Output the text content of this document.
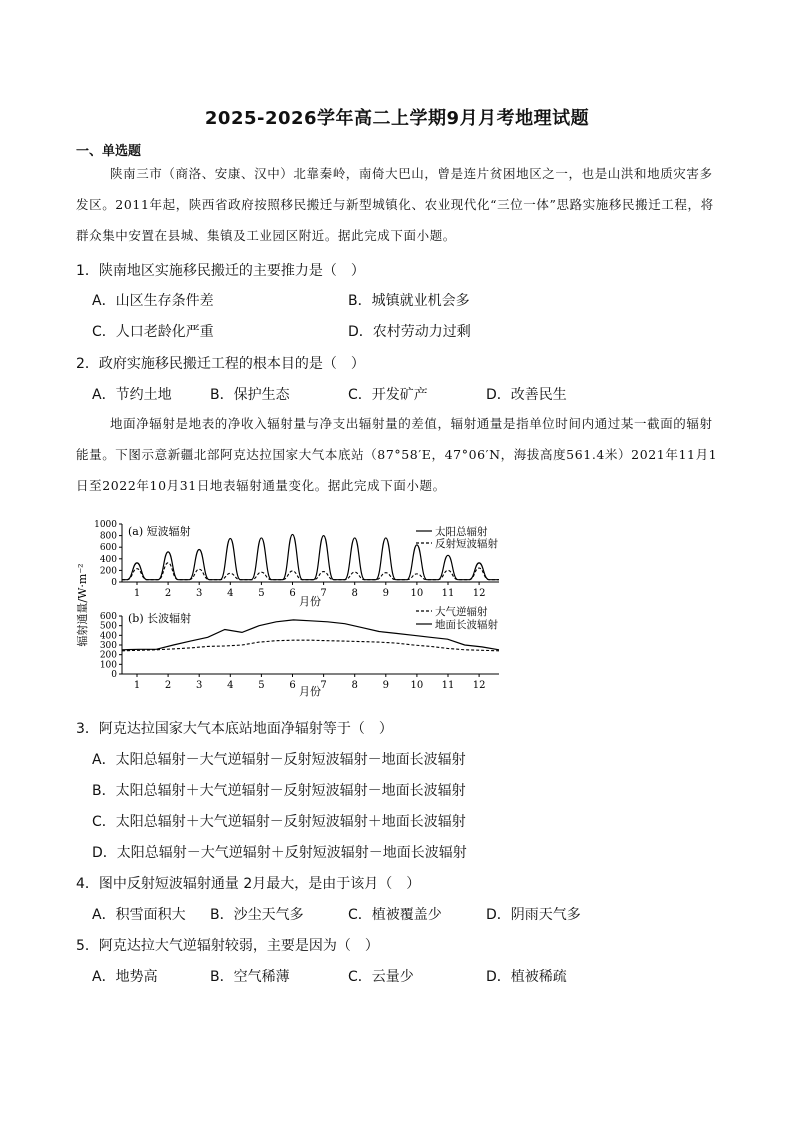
2025-2026学年高二上学期9月月考地理试题
一、单选题
陕南三市（商洛、安康、汉中）北靠秦岭，南倚大巴山，曾是连片贫困地区之一，也是山洪和地质灾害多发区。2011年起，陕西省政府按照移民搬迁与新型城镇化、农业现代化“三位一体”思路实施移民搬迁工程，将群众集中安置在县城、集镇及工业园区附近。据此完成下面小题。
1．陕南地区实施移民搬迁的主要推力是（　）
A．山区生存条件差	B．城镇就业机会多
C．人口老龄化严重	D．农村劳动力过剩
2．政府实施移民搬迁工程的根本目的是（　）
A．节约土地	B．保护生态	C．开发矿产	D．改善民生
地面净辐射是地表的净收入辐射量与净支出辐射量的差值，辐射通量是指单位时间内通过某一截面的辐射能量。下图示意新疆北部阿克达拉国家大气本底站（87°58′E，47°06′N，海拔高度561.4米）2021年11月1日至2022年10月31日地表辐射通量变化。据此完成下面小题。
辐射通量/W·m⁻² 0
200
400
600
800
1000
1 2 3 4 5 6 7 8 9 10 11 12
(a) 短波辐射
月份
太阳总辐射
反射短波辐射
0
100
200
300
400
500
600
1 2 3 4 5 6 7 8 9 10 11 12
(b) 长波辐射
月份
大气逆辐射
地面长波辐射
3．阿克达拉国家大气本底站地面净辐射等于（　）
A．太阳总辐射－大气逆辐射－反射短波辐射－地面长波辐射
B．太阳总辐射＋大气逆辐射－反射短波辐射－地面长波辐射
C．太阳总辐射＋大气逆辐射－反射短波辐射＋地面长波辐射
D．太阳总辐射－大气逆辐射＋反射短波辐射－地面长波辐射
4．图中反射短波辐射通量 2月最大，是由于该月（　）
A．积雪面积大 B．沙尘天气多	C．植被覆盖少	D．阴雨天气多
5．阿克达拉大气逆辐射较弱，主要是因为（　）
A．地势高	B．空气稀薄	C．云量少	D．植被稀疏
